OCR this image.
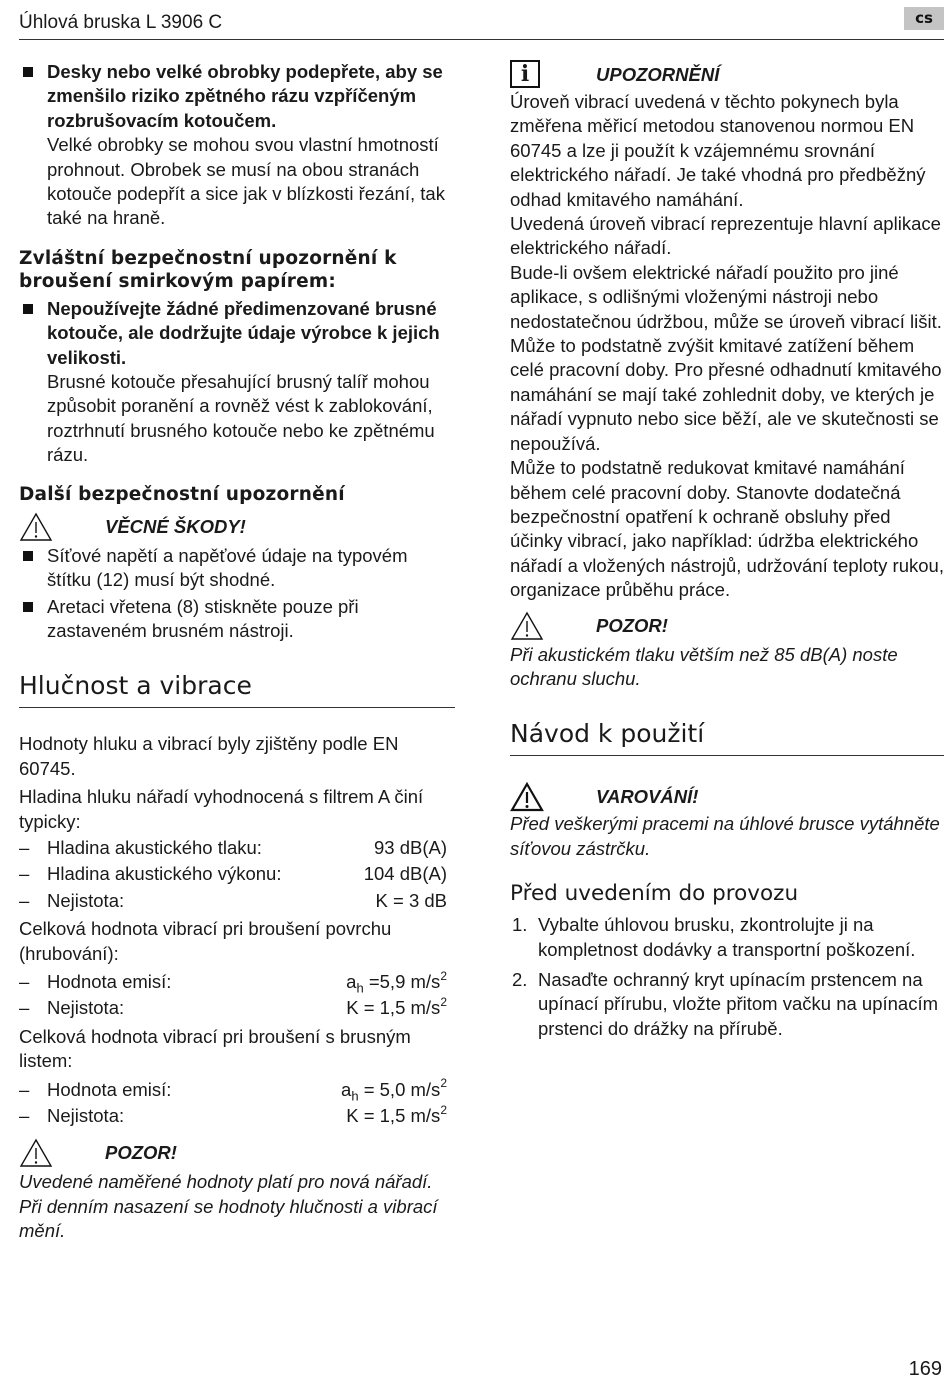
Úhlová bruska L 3906 C	cs

Desky nebo velké obrobky podepřete, aby se zmenšilo riziko zpětného rázu vzpříčeným rozbrušovacím kotoučem.
Velké obrobky se mohou svou vlastní hmotností prohnout. Obrobek se musí na obou stranách kotouče podepřít a sice jak v blízkosti řezání, tak také na hraně.

Zvláštní bezpečnostní upozornění k broušení smirkovým papírem:

Nepoužívejte žádné předimenzované brusné kotouče, ale dodržujte údaje výrobce k jejich velikosti.
Brusné kotouče přesahující brusný talíř mohou způsobit poranění a rovněž vést k zablokování, roztrhnutí brusného kotouče nebo ke zpětnému rázu.

Další bezpečnostní upozornění

VĚCNÉ ŠKODY!

Síťové napětí a napěťové údaje na typovém štítku (12) musí být shodné.

Aretaci vřetena (8) stiskněte pouze při zastaveném brusném nástroji.

Hlučnost a vibrace

Hodnoty hluku a vibrací byly zjištěny podle EN 60745.

Hladina hluku nářadí vyhodnocená s filtrem A činí typicky:

– Hladina akustického tlaku:	93 dB(A)
– Hladina akustického výkonu:	104 dB(A)
– Nejistota:	K = 3 dB

Celková hodnota vibrací pri broušení povrchu (hrubování):

– Hodnota emisí:	$a_h =5,9$ $m/s^2$
– Nejistota:	K = 1,5 $m/s^2$

Celková hodnota vibrací pri broušení s brusným listem:

– Hodnota emisí:	$a_h = 5,0$ $m/s^2$
– Nejistota:	K = 1,5 $m/s^2$
POZOR!

Uvedené naměřené hodnoty platí pro nová nářadí. Při denním nasazení se hodnoty hlučnosti a vibrací mění.

i	UPOZORNĚNÍ

Úroveň vibrací uvedená v těchto pokynech byla změřena měřicí metodou stanovenou normou EN 60745 a lze ji použít k vzájemnému srovnání elektrického nářadí. Je také vhodná pro předběžný odhad kmitavého namáhání.

Uvedená úroveň vibrací reprezentuje hlavní aplikace elektrického nářadí.

Bude-li ovšem elektrické nářadí použito pro jiné aplikace, s odlišnými vloženými nástroji nebo nedostatečnou údržbou, může se úroveň vibrací lišit. Může to podstatně zvýšit kmitavé zatížení během celé pracovní doby. Pro přesné odhadnutí kmitavého namáhání se mají také zohlednit doby, ve kterých je nářadí vypnuto nebo sice běží, ale ve skutečnosti se nepoužívá.

Může to podstatně redukovat kmitavé namáhání během celé pracovní doby. Stanovte dodatečná bezpečnostní opatření k ochraně obsluhy před účinky vibrací, jako například: údržba elektrického nářadí a vložených nástrojů, udržování teploty rukou, organizace průběhu práce.

POZOR!

Při akustickém tlaku větším než 85 dB(A) noste ochranu sluchu.

Návod k použití
VAROVÁNÍ!

Před veškerými pracemi na úhlové brusce vytáhněte síťovou zástrčku.

Před uvedením do provozu

1. Vybalte úhlovou brusku, zkontrolujte ji na kompletnost dodávky a transportní poškození.

2. Nasaďte ochranný kryt upínacím prstencem na upínací přírubu, vložte přitom vačku na upínacím prstenci do drážky na přírubě.

169
